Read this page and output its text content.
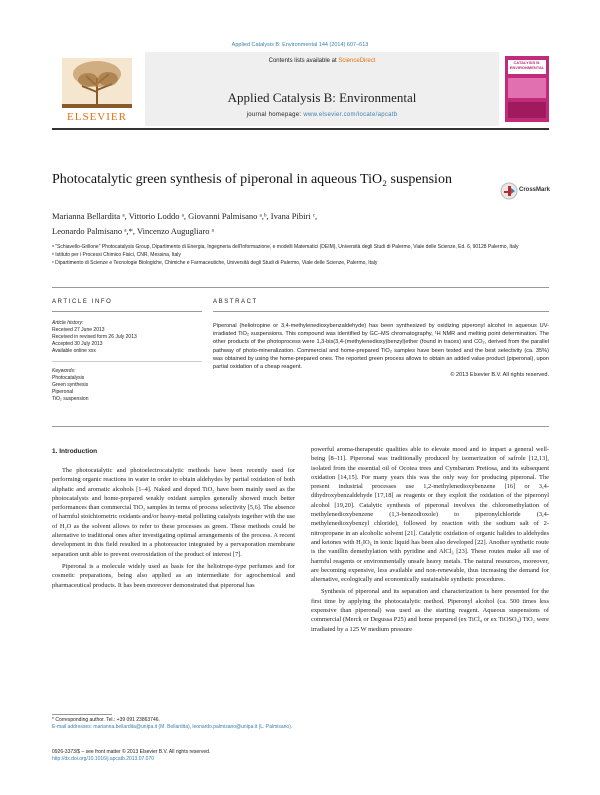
Applied Catalysis B: Environmental 144 (2014) 607–613
Contents lists available at ScienceDirect
Applied Catalysis B: Environmental
journal homepage: www.elsevier.com/locate/apcatb
ELSEVIER
CATALYSIS B: ENVIRONMENTAL
Photocatalytic green synthesis of piperonal in aqueous TiO₂ suspension
CrossMark
Marianna Bellardita ᵃ, Vittorio Loddo ᵃ, Giovanni Palmisano ᵃ,ᵇ, Ivana Pibiri ᶜ,
Leonardo Palmisano ᵃ,*, Vincenzo Augugliaro ᵃ
ᵃ "Schiavello-Grillone" Photocatalysis Group, Dipartimento di Energia, Ingegneria dell'Informazione, e modelli Matematici (DEIM), Università degli Studi di Palermo, Viale delle Scienze, Ed. 6, 90128 Palermo, Italy
ᵇ Istituto per i Processi Chimico Fisici, CNR, Messina, Italy
ᶜ Dipartimento di Scienze e Tecnologie Biologiche, Chimiche e Farmaceutiche, Università degli Studi di Palermo, Viale delle Scienze, Palermo, Italy
ARTICLE INFO	ABSTRACT
Article history:
Received 27 June 2013
Received in revised form 26 July 2013
Accepted 30 July 2013
Available online xxx
Keywords:
Photocatalysis
Green synthesis
Piperonal
TiO₂ suspension
Piperonal (heliotropine or 3,4-methylenedioxybenzaldehyde) has been synthesized by oxidizing piperonyl alcohol in aqueous UV-irradiated TiO₂ suspensions. This compound was identified by GC–MS chromatography, ¹H NMR and melting point determination. The other products of the photoprocess were 1,3-bis(3,4-(methylenedioxy)benzyl)ether (found in traces) and CO₂, derived from the parallel pathway of photo-mineralization. Commercial and home-prepared TiO₂ samples have been tested and the best selectivity (ca. 35%) was obtained by using the home-prepared ones. The reported green process allows to obtain an added value product (piperonal), upon partial oxidation of a cheap reagent.
© 2013 Elsevier B.V. All rights reserved.
1. Introduction

The photocatalytic and photoelectrocatalytic methods have been recently used for performing organic reactions in water in order to obtain aldehydes by partial oxidation of both aliphatic and aromatic alcohols [1–4]. Naked and doped TiO₂ have been mainly used as the photocatalysts and home-prepared weakly oxidant samples generally showed much better performances than commercial TiO₂ samples in terms of process selectivity [5,6]. The absence of harmful stoichiometric oxidants and/or heavy-metal polluting catalysts together with the use of H₂O as the solvent allows to refer to these processes as green. These methods could be alternative to traditional ones after investigating optimal arrangements of the process. A recent development in this field resulted in a photoreactor integrated by a pervaporation membrane separation unit able to prevent overoxidation of the product of interest [7].

Piperonal is a molecule widely used as basis for the heliotrope-type perfumes and for cosmetic preparations, being also applied as an intermediate for agrochemical and pharmaceutical products. It has been moreover demonstrated that piperonal has

powerful aroma-therapeutic qualities able to elevate mood and to impart a general well-being [8–11]. Piperonal was traditionally produced by isomerization of safrole [12,13], isolated from the essential oil of Ocotea trees and Cymbarum Pretiosa, and its subsequent oxidation [14,15]. For many years this was the only way for producing piperonal. The present industrial processes use 1,2-methylenedioxybenzene [16] or 3,4-dihydroxybenzaldehyde [17,18] as reagents or they exploit the oxidation of the piperonyl alcohol [19,20]. Catalytic synthesis of piperonal involves the chloromethylation of methylenedioxybenzene (1,3-benzodioxole) to piperonylchloride (3,4-methylenedioxybenzyl chloride), followed by reaction with the sodium salt of 2-nitropropane in an alcoholic solvent [21]. Catalytic oxidation of organic halides to aldehydes and ketones with H₅IO₆ in ionic liquid has been also developed [22]. Another synthetic route is the vanillin demethylation with pyridine and AlCl₃ [23]. These routes make all use of harmful reagents or environmentally unsafe heavy metals. The natural resources, moreover, are becoming expensive, less available and non-renewable, thus increasing the demand for alternative, ecologically and economically sustainable synthetic procedures.

Synthesis of piperonal and its separation and characterization is here presented for the first time by applying the photocatalytic method. Piperonyl alcohol (ca. 500 times less expensive than piperonal) was used as the starting reagent. Aqueous suspensions of commercial (Merck or Degussa P25) and home prepared (ex TiCl₄ or ex TiOSO₄) TiO₂ were irradiated by a 125 W medium pressure

* Corresponding author. Tel.: +39 091 23863746.
E-mail addresses: marianna.bellardita@unipa.it (M. Bellardita), leonardo.palmisano@unipa.it (L. Palmisano).
0926-3373/$ – see front matter © 2013 Elsevier B.V. All rights reserved.
http://dx.doi.org/10.1016/j.apcatb.2013.07.070
